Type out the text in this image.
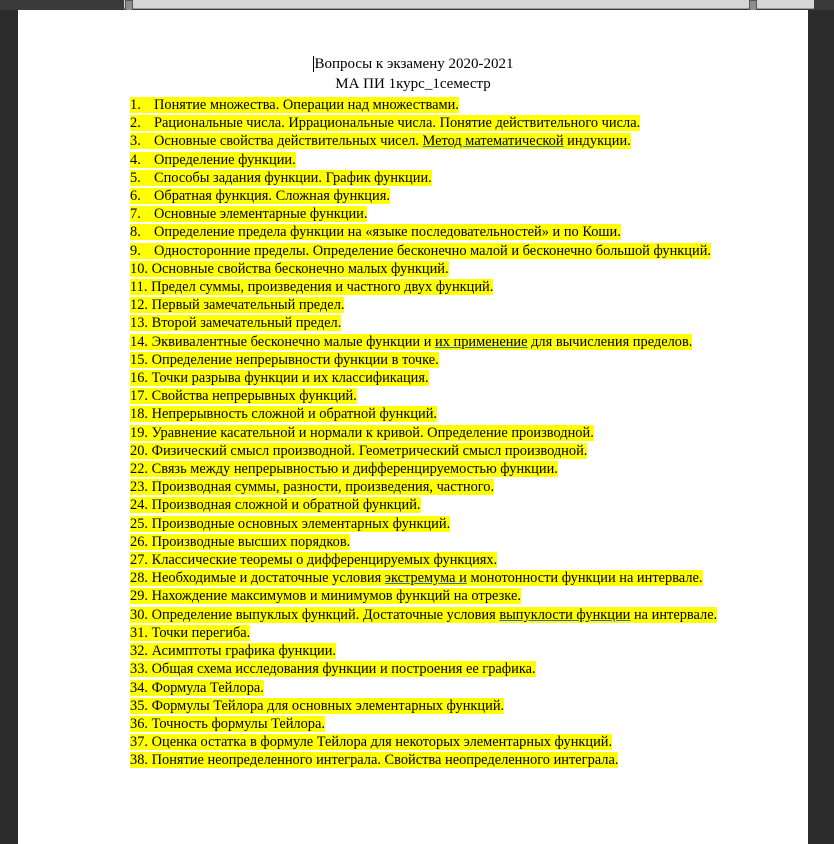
Вопросы к экзамену 2020-2021
МА ПИ 1курс_1семестр
1. Понятие множества. Операции над множествами.
2. Рациональные числа. Иррациональные числа. Понятие действительного числа.
3. Основные свойства действительных чисел. Метод математической индукции.
4. Определение функции.
5. Способы задания функции. График функции.
6. Обратная функция. Сложная функция.
7. Основные элементарные функции.
8. Определение предела функции на «языке последовательностей» и по Коши.
9. Односторонние пределы. Определение бесконечно малой и бесконечно большой функций.
10. Основные свойства бесконечно малых функций.
11. Предел суммы, произведения и частного двух функций.
12. Первый замечательный предел.
13. Второй замечательный предел.
14. Эквивалентные бесконечно малые функции и их применение для вычисления пределов.
15. Определение непрерывности функции в точке.
16. Точки разрыва функции и их классификация.
17. Свойства непрерывных функций.
18. Непрерывность сложной и обратной функций.
19. Уравнение касательной и нормали к кривой. Определение производной.
20. Физический смысл производной. Геометрический смысл производной.
22. Связь между непрерывностью и дифференцируемостью функции.
23. Производная суммы, разности, произведения, частного.
24. Производная сложной и обратной функций.
25. Производные основных элементарных функций.
26. Производные высших порядков.
27. Классические теоремы о дифференцируемых функциях.
28. Необходимые и достаточные условия экстремума и монотонности функции на интервале.
29. Нахождение максимумов и минимумов функций на отрезке.
30. Определение выпуклых функций. Достаточные условия выпуклости функции на интервале.
31. Точки перегиба.
32. Асимптоты графика функции.
33. Общая схема исследования функции и построения ее графика.
34. Формула Тейлора.
35. Формулы Тейлора для основных элементарных функций.
36. Точность формулы Тейлора.
37. Оценка остатка в формуле Тейлора для некоторых элементарных функций.
38. Понятие неопределенного интеграла. Свойства неопределенного интеграла.
